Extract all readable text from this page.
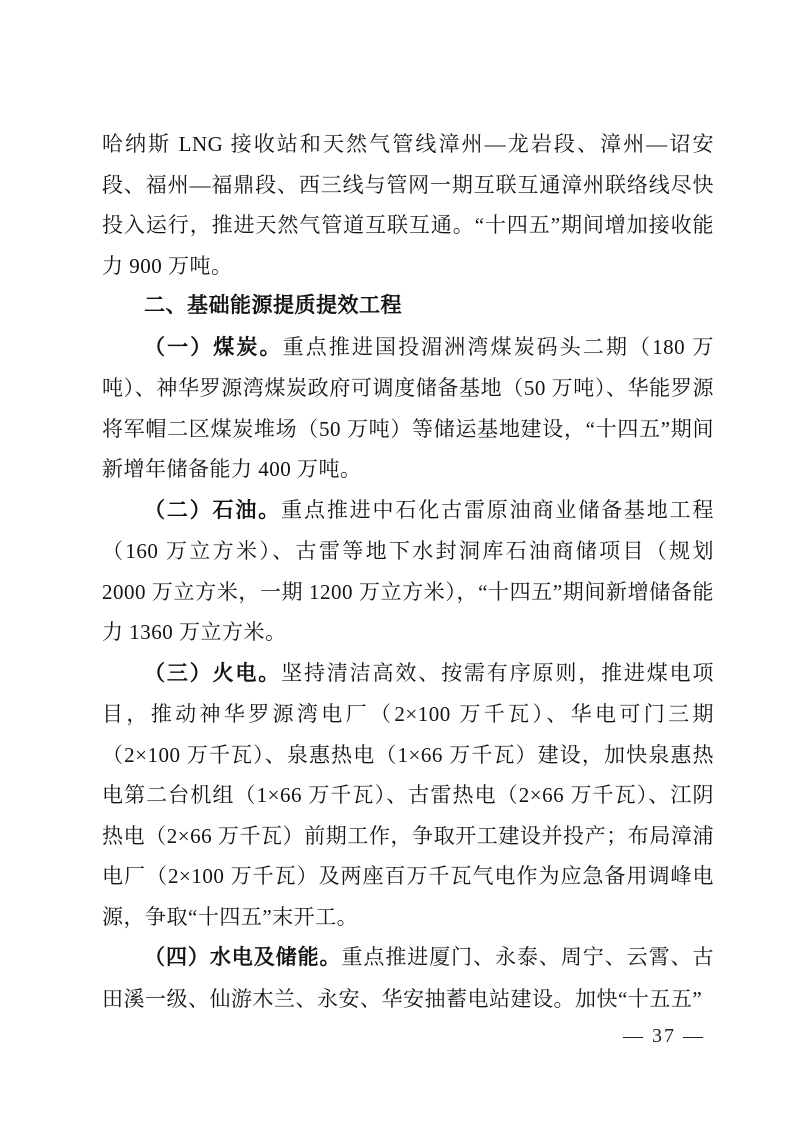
哈纳斯 LNG 接收站和天然气管线漳州—龙岩段、漳州—诏安段、福州—福鼎段、西三线与管网一期互联互通漳州联络线尽快投入运行，推进天然气管道互联互通。“十四五”期间增加接收能力 900 万吨。

二、基础能源提质提效工程

（一）煤炭。重点推进国投湄洲湾煤炭码头二期（180 万吨）、神华罗源湾煤炭政府可调度储备基地（50 万吨）、华能罗源将军帽二区煤炭堆场（50 万吨）等储运基地建设，“十四五”期间新增年储备能力 400 万吨。

（二）石油。重点推进中石化古雷原油商业储备基地工程（160 万立方米）、古雷等地下水封洞库石油商储项目（规划 2000 万立方米，一期 1200 万立方米），“十四五”期间新增储备能力 1360 万立方米。

（三）火电。坚持清洁高效、按需有序原则，推进煤电项目，推动神华罗源湾电厂（2×100 万千瓦）、华电可门三期（2×100 万千瓦）、泉惠热电（1×66 万千瓦）建设，加快泉惠热电第二台机组（1×66 万千瓦）、古雷热电（2×66 万千瓦）、江阴热电（2×66 万千瓦）前期工作，争取开工建设并投产；布局漳浦电厂（2×100 万千瓦）及两座百万千瓦气电作为应急备用调峰电源，争取“十四五”末开工。

（四）水电及储能。重点推进厦门、永泰、周宁、云霄、古田溪一级、仙游木兰、永安、华安抽蓄电站建设。加快“十五五”

— 37 —
